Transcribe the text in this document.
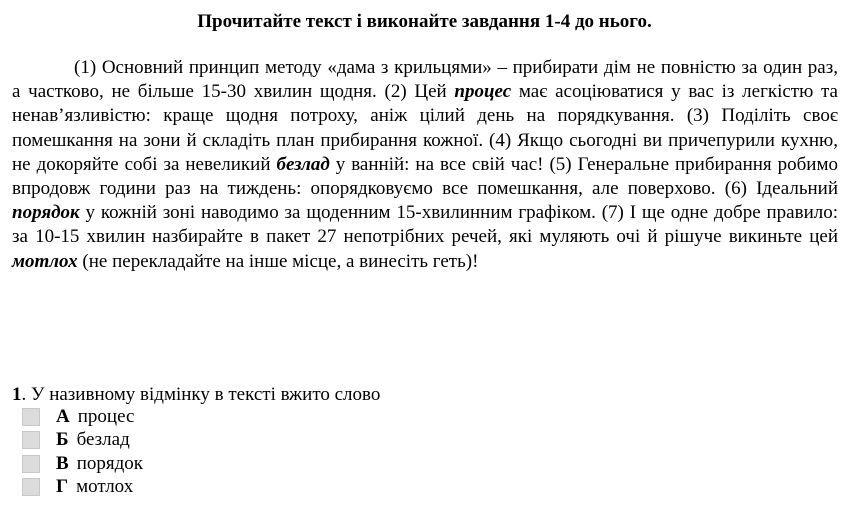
Прочитайте текст і виконайте завдання 1-4 до нього.

(1) Основний принцип методу «дама з крильцями» – прибирати дім не повністю за один раз, а частково, не більше 15-30 хвилин щодня. (2) Цей процес має асоціюватися у вас із легкістю та ненав’язливістю: краще щодня потроху, аніж цілий день на порядкування. (3) Поділіть своє помешкання на зони й складіть план прибирання кожної. (4) Якщо сьогодні ви причепурили кухню, не докоряйте собі за невеликий безлад у ванній: на все свій час! (5) Генеральне прибирання робимо впродовж години раз на тиждень: опорядковуємо все помешкання, але поверхово. (6) Ідеальний порядок у кожній зоні наводимо за щоденним 15-хвилинним графіком. (7) І ще одне добре правило: за 10-15 хвилин назбирайте в пакет 27 непотрібних речей, які муляють очі й рішуче викиньте цей мотлох (не перекладайте на інше місце, а винесіть геть)!

1. У називному відмінку в тексті вжито слово
А процес
Б безлад
В порядок
Г мотлох
